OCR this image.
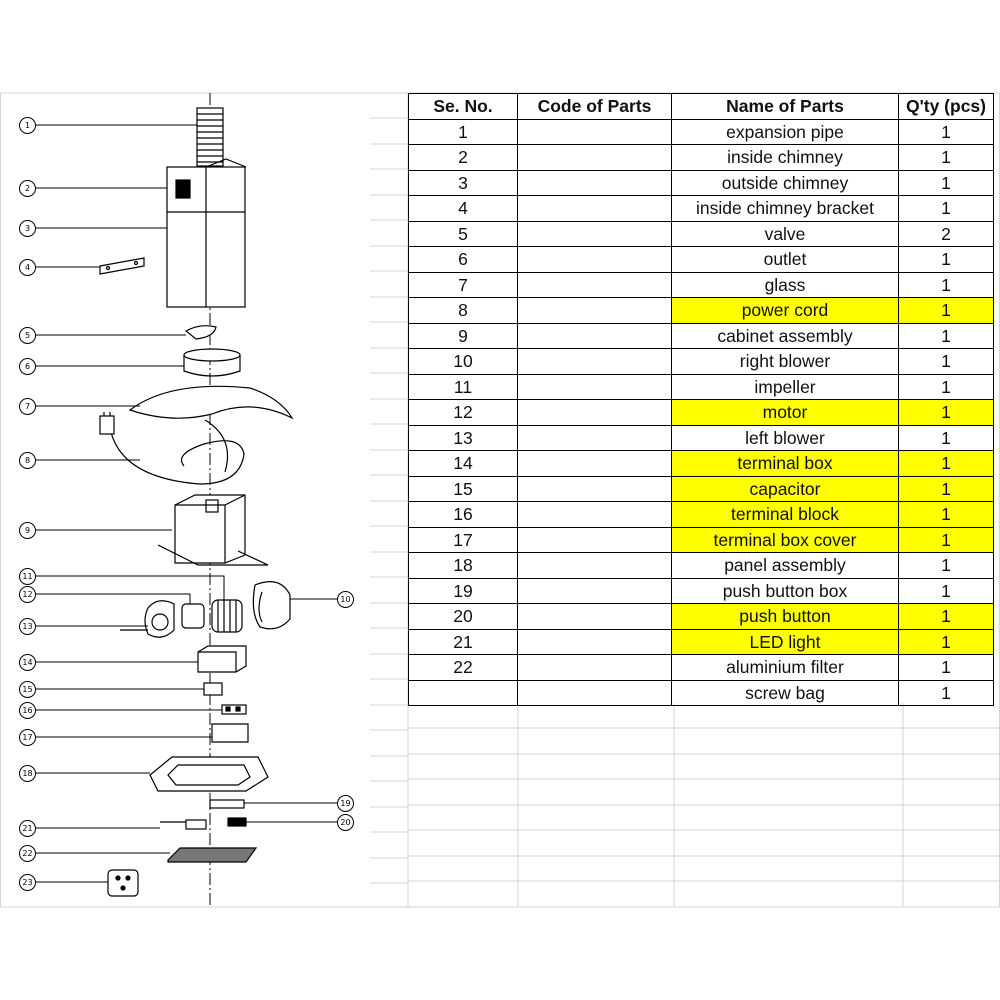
1
2
3
4
5
6
7
8
9
10
11
12
13
14
15
16
17
18
19
20
21
22
23
Se. No.	Code of Parts	Name of Parts	Q'ty (pcs)
1		expansion pipe	1
2		inside chimney	1
3		outside chimney	1
4		inside chimney bracket	1
5		valve	2
6		outlet	1
7		glass	1
8		power cord	1
9		cabinet assembly	1
10		right blower	1
11		impeller	1
12		motor	1
13		left blower	1
14		terminal box	1
15		capacitor	1
16		terminal block	1
17		terminal box cover	1
18		panel assembly	1
19		push button box	1
20		push button	1
21		LED light	1
22		aluminium filter	1
		screw bag	1
